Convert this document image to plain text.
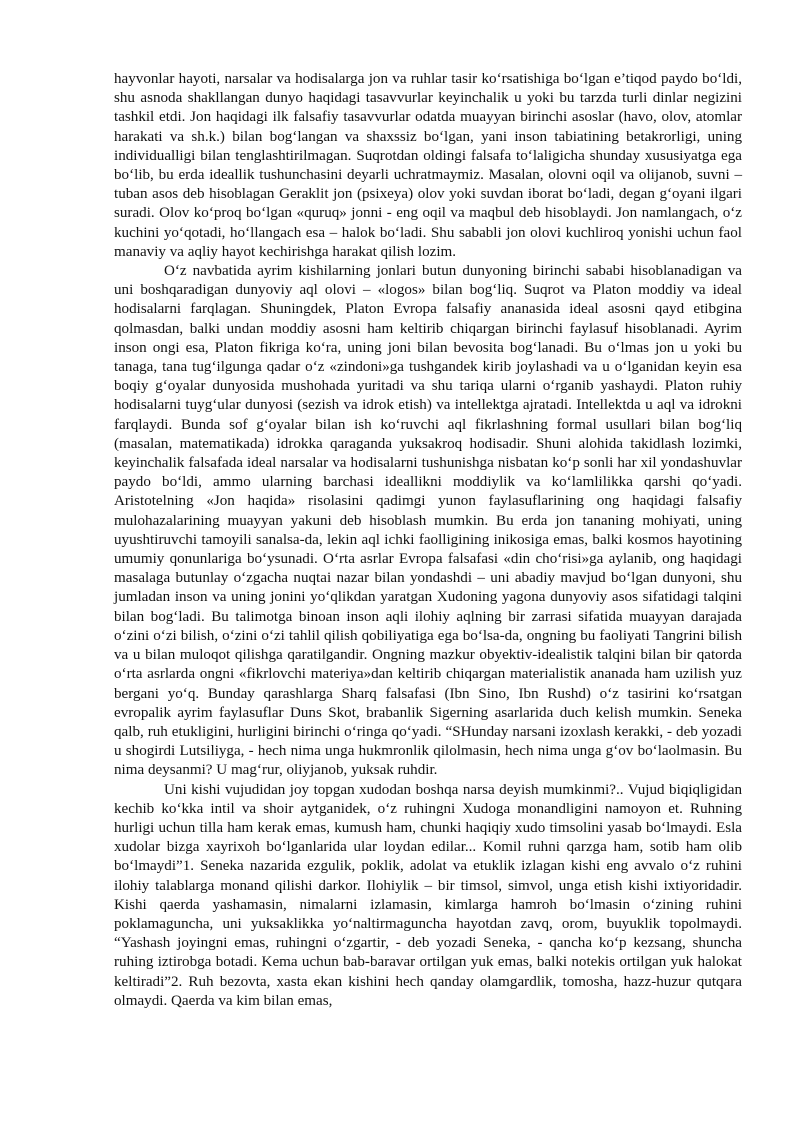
hayvonlar hayoti, narsalar va hodisalarga jon va ruhlar tasir ko‘rsatishiga bo‘lgan e’tiqod paydo bo‘ldi, shu asnoda shakllangan dunyo haqidagi tasavvurlar keyinchalik u yoki bu tarzda turli dinlar negizini tashkil etdi. Jon haqidagi ilk falsafiy tasavvurlar odatda muayyan birinchi asoslar (havo, olov, atomlar harakati va sh.k.) bilan bog‘langan va shaxssiz bo‘lgan, yani inson tabiatining betakrorligi, uning individualligi bilan tenglashtirilmagan. Suqrotdan oldingi falsafa to‘laligicha shunday xususiyatga ega bo‘lib, bu erda ideallik tushunchasini deyarli uchratmaymiz. Masalan, olovni oqil va olijanob, suvni – tuban asos deb hisoblagan Geraklit jon (psixeya) olov yoki suvdan iborat bo‘ladi, degan g‘oyani ilgari suradi. Olov ko‘proq bo‘lgan «quruq» jonni - eng oqil va maqbul deb hisoblaydi. Jon namlangach, o‘z kuchini yo‘qotadi, ho‘llangach esa – halok bo‘ladi. Shu sababli jon olovi kuchliroq yonishi uchun faol manaviy va aqliy hayot kechirishga harakat qilish lozim.

O‘z navbatida ayrim kishilarning jonlari butun dunyoning birinchi sababi hisoblanadigan va uni boshqaradigan dunyoviy aql olovi – «logos» bilan bog‘liq. Suqrot va Platon moddiy va ideal hodisalarni farqlagan. Shuningdek, Platon Evropa falsafiy ananasida ideal asosni qayd etibgina qolmasdan, balki undan moddiy asosni ham keltirib chiqargan birinchi faylasuf hisoblanadi. Ayrim inson ongi esa, Platon fikriga ko‘ra, uning joni bilan bevosita bog‘lanadi. Bu o‘lmas jon u yoki bu tanaga, tana tug‘ilgunga qadar o‘z «zindoni»ga tushgandek kirib joylashadi va u o‘lganidan keyin esa boqiy g‘oyalar dunyosida mushohada yuritadi va shu tariqa ularni o‘rganib yashaydi. Platon ruhiy hodisalarni tuyg‘ular dunyosi (sezish va idrok etish) va intellektga ajratadi. Intellektda u aql va idrokni farqlaydi. Bunda sof g‘oyalar bilan ish ko‘ruvchi aql fikrlashning formal usullari bilan bog‘liq (masalan, matematikada) idrokka qaraganda yuksakroq hodisadir. Shuni alohida takidlash lozimki, keyinchalik falsafada ideal narsalar va hodisalarni tushunishga nisbatan ko‘p sonli har xil yondashuvlar paydo bo‘ldi, ammo ularning barchasi ideallikni moddiylik va ko‘lamlilikka qarshi qo‘yadi. Aristotelning «Jon haqida» risolasini qadimgi yunon faylasuflarining ong haqidagi falsafiy mulohazalarining muayyan yakuni deb hisoblash mumkin. Bu erda jon tananing mohiyati, uning uyushtiruvchi tamoyili sanalsa-da, lekin aql ichki faolligining inikosiga emas, balki kosmos hayotining umumiy qonunlariga bo‘ysunadi. O‘rta asrlar Evropa falsafasi «din cho‘risi»ga aylanib, ong haqidagi masalaga butunlay o‘zgacha nuqtai nazar bilan yondashdi – uni abadiy mavjud bo‘lgan dunyoni, shu jumladan inson va uning jonini yo‘qlikdan yaratgan Xudoning yagona dunyoviy asos sifatidagi talqini bilan bog‘ladi. Bu talimotga binoan inson aqli ilohiy aqlning bir zarrasi sifatida muayyan darajada o‘zini o‘zi bilish, o‘zini o‘zi tahlil qilish qobiliyatiga ega bo‘lsa-da, ongning bu faoliyati Tangrini bilish va u bilan muloqot qilishga qaratilgandir. Ongning mazkur obyektiv-idealistik talqini bilan bir qatorda o‘rta asrlarda ongni «fikrlovchi materiya»dan keltirib chiqargan materialistik ananada ham uzilish yuz bergani yo‘q. Bunday qarashlarga Sharq falsafasi (Ibn Sino, Ibn Rushd) o‘z tasirini ko‘rsatgan evropalik ayrim faylasuflar Duns Skot, brabanlik Sigerning asarlarida duch kelish mumkin. Seneka qalb, ruh etukligini, hurligini birinchi o‘ringa qo‘yadi. “SHunday narsani izoxlash kerakki, - deb yozadi u shogirdi Lutsiliyga, - hech nima unga hukmronlik qilolmasin, hech nima unga g‘ov bo‘laolmasin. Bu nima deysanmi? U mag‘rur, oliyjanob, yuksak ruhdir.

Uni kishi vujudidan joy topgan xudodan boshqa narsa deyish mumkinmi?.. Vujud biqiqligidan kechib ko‘kka intil va shoir aytganidek, o‘z ruhingni Xudoga monandligini namoyon et. Ruhning hurligi uchun tilla ham kerak emas, kumush ham, chunki haqiqiy xudo timsolini yasab bo‘lmaydi. Esla xudolar bizga xayrixoh bo‘lganlarida ular loydan edilar... Komil ruhni qarzga ham, sotib ham olib bo‘lmaydi”1. Seneka nazarida ezgulik, poklik, adolat va etuklik izlagan kishi eng avvalo o‘z ruhini ilohiy talablarga monand qilishi darkor. Ilohiylik – bir timsol, simvol, unga etish kishi ixtiyoridadir. Kishi qaerda yashamasin, nimalarni izlamasin, kimlarga hamroh bo‘lmasin o‘zining ruhini poklamaguncha, uni yuksaklikka yo‘naltirmaguncha hayotdan zavq, orom, buyuklik topolmaydi. “Yashash joyingni emas, ruhingni o‘zgartir, - deb yozadi Seneka, - qancha ko‘p kezsang, shuncha ruhing iztirobga botadi. Kema uchun bab-baravar ortilgan yuk emas, balki notekis ortilgan yuk halokat keltiradi”2. Ruh bezovta, xasta ekan kishini hech qanday olamgardlik, tomosha, hazz-huzur qutqara olmaydi. Qaerda va kim bilan emas,
